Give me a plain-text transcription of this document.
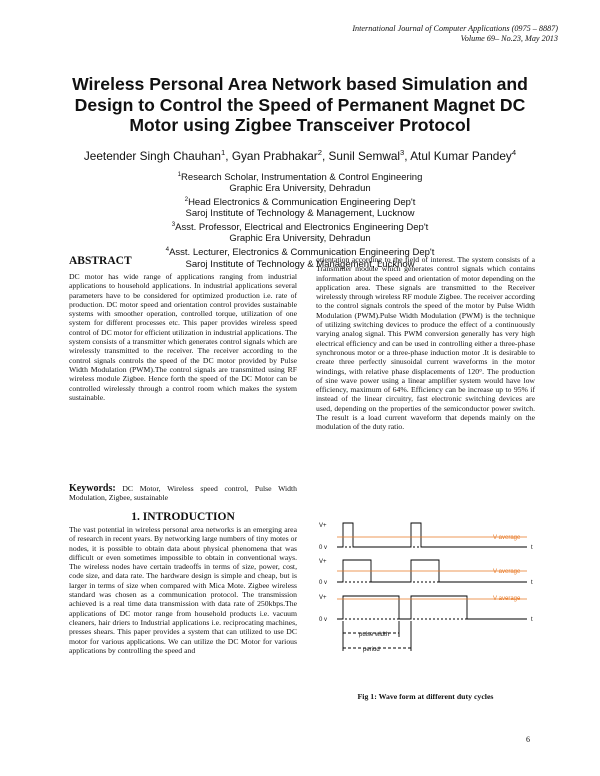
International Journal of Computer Applications (0975 – 8887)
Volume 69– No.23, May 2013
Wireless Personal Area Network based Simulation and Design to Control the Speed of Permanent Magnet DC Motor using Zigbee Transceiver Protocol
Jeetender Singh Chauhan$^1$, Gyan Prabhakar$^2$, Sunil Semwal$^3$, Atul Kumar Pandey$^4$
$^1$Research Scholar, Instrumentation & Control Engineering
Graphic Era University, Dehradun
$^2$Head Electronics & Communication Engineering Dep't
Saroj Institute of Technology & Management, Lucknow
$^3$Asst. Professor, Electrical and Electronics Engineering Dep't
Graphic Era University, Dehradun
$^4$Asst. Lecturer, Electronics & Communication Engineering Dep't
Saroj Institute of Technology & Management, Lucknow
ABSTRACT
DC motor has wide range of applications ranging from industrial applications to household applications. In industrial applications several parameters have to be considered for optimized production i.e. rate of production. DC motor speed and orientation control provides sustainable systems with smoother operation, controlled torque, utilization of one system for different processes etc. This paper provides wireless speed control of DC motor for efficient utilization in industrial applications. The system consists of a transmitter which generates control signals which are wirelessly transmitted to the receiver. The receiver according to the control signals controls the speed of the DC motor provided by Pulse Width Modulation (PWM).The control signals are transmitted using RF wireless module Zigbee. Hence forth the speed of the DC Motor can be controlled wirelessly through a control room which makes the system sustainable.
Keywords: DC Motor, Wireless speed control, Pulse Width Modulation, Zigbee, sustainable
1. INTRODUCTION
The vast potential in wireless personal area networks is an emerging area of research in recent years. By networking large numbers of tiny motes or nodes, it is possible to obtain data about physical phenomena that was difficult or even sometimes impossible to obtain in conventional ways. The wireless nodes have certain tradeoffs in terms of size, power, cost, code size, and data rate. The hardware design is simple and cheap, but is larger in terms of size when compared with Mica Mote. Zigbee wireless standard was chosen as a communication protocol. The transmission achieved is a real time data transmission with data rate of 250kbps.The applications of DC motor range from household products i.e. vacuum cleaners, hair driers to Industrial applications i.e. reciprocating machines, presses shears. This paper provides a system that can utilized to use DC motor for various applications. We can utilize the DC Motor for various applications by controlling the speed and
orientation according to the field of interest. The system consists of a Transmitter module which generates control signals which contains information about the speed and orientation of motor depending on the application area. These signals are transmitted to the Receiver wirelessly through wireless RF module Zigbee. The receiver according to the control signals controls the speed of the motor by Pulse Width Modulation (PWM).Pulse Width Modulation (PWM) is the technique of utilizing switching devices to produce the effect of a continuously varying analog signal. This PWM conversion generally has very high electrical efficiency and can be used in controlling either a three-phase synchronous motor or a three-phase induction motor .It is desirable to create three perfectly sinusoidal current waveforms in the motor windings, with relative phase displacements of 120°. The production of sine wave power using a linear amplifier system would have low efficiency, maximum of 64%. Efficiency can be increase up to 95% if instead of the linear circuitry, fast electronic switching devices are used, depending on the properties of the semiconductor power switch. The result is a load current waveform that depends mainly on the modulation of the duty ratio.
V+
0 v	t
V average
V+
0 v	t
V average
V+
0 v	t
V average
pulse width
period
Fig 1: Wave form at different duty cycles
6
